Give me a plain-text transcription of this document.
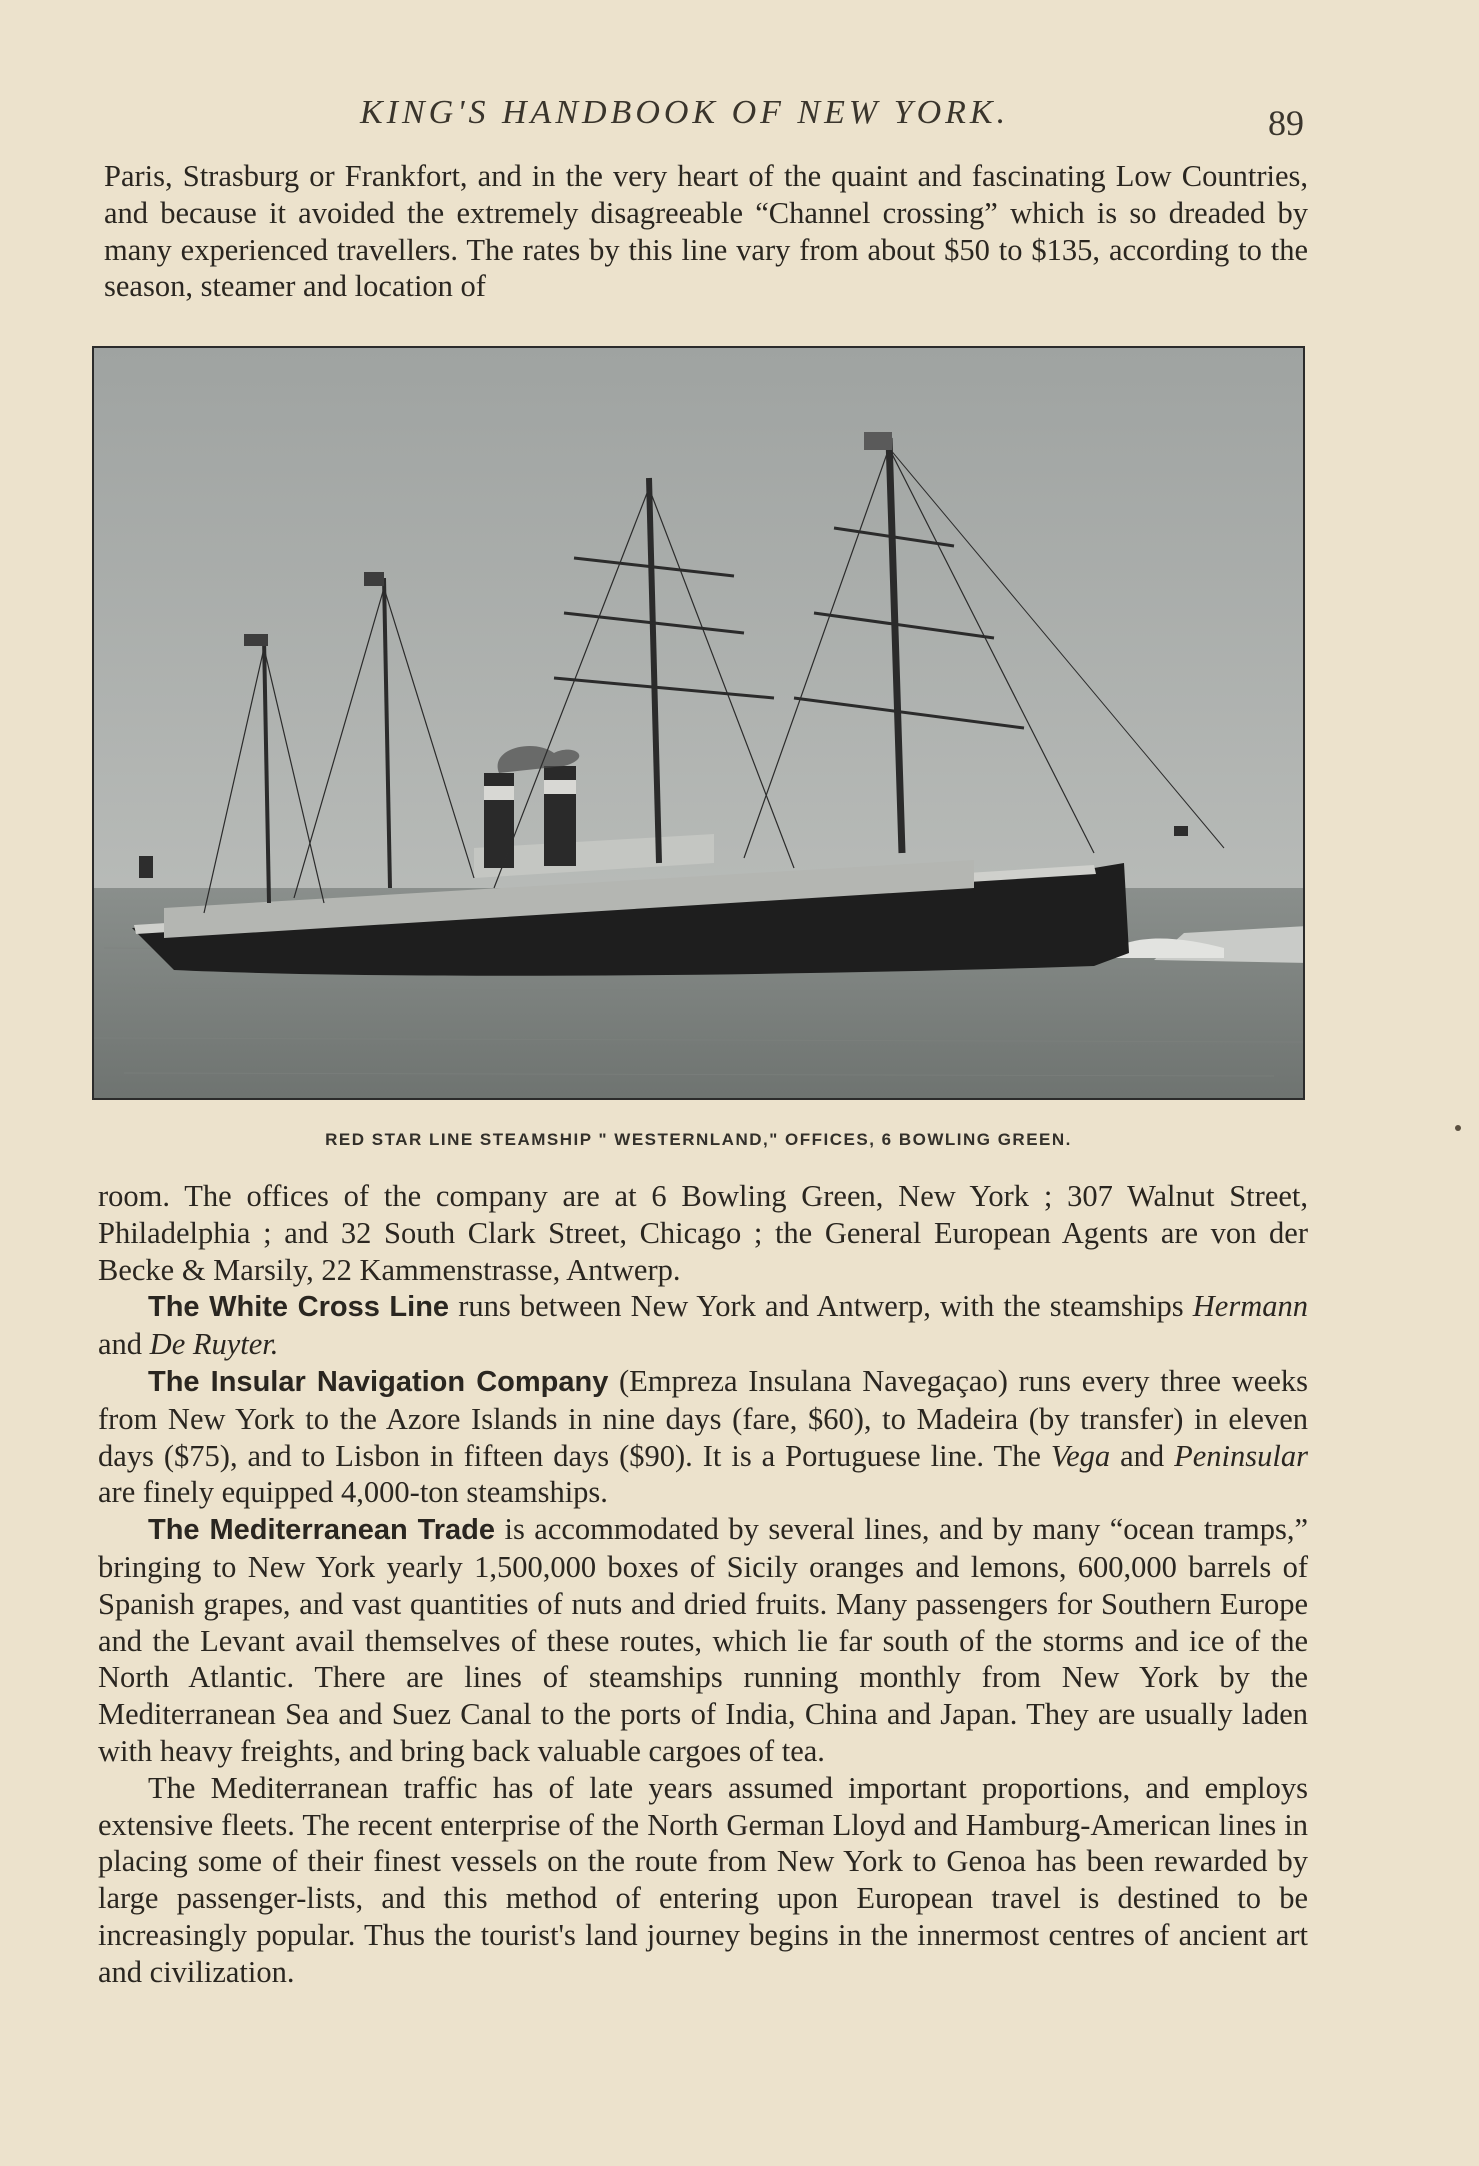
KING'S HANDBOOK OF NEW YORK.	89

Paris, Strasburg or Frankfort, and in the very heart of the quaint and fascinating Low Countries, and because it avoided the extremely disagreeable “Channel crossing” which is so dreaded by many experienced travellers. The rates by this line vary from about $50 to $135, according to the season, steamer and location of

RED STAR LINE STEAMSHIP " WESTERNLAND," OFFICES, 6 BOWLING GREEN.

room. The offices of the company are at 6 Bowling Green, New York ; 307 Walnut Street, Philadelphia ; and 32 South Clark Street, Chicago ; the General European Agents are von der Becke & Marsily, 22 Kammenstrasse, Antwerp.

The White Cross Line runs between New York and Antwerp, with the steamships Hermann and De Ruyter.

The Insular Navigation Company (Empreza Insulana Navegaçao) runs every three weeks from New York to the Azore Islands in nine days (fare, $60), to Madeira (by transfer) in eleven days ($75), and to Lisbon in fifteen days ($90). It is a Portuguese line. The Vega and Peninsular are finely equipped 4,000-ton steamships.

The Mediterranean Trade is accommodated by several lines, and by many “ocean tramps,” bringing to New York yearly 1,500,000 boxes of Sicily oranges and lemons, 600,000 barrels of Spanish grapes, and vast quantities of nuts and dried fruits. Many passengers for Southern Europe and the Levant avail themselves of these routes, which lie far south of the storms and ice of the North Atlantic. There are lines of steamships running monthly from New York by the Mediterranean Sea and Suez Canal to the ports of India, China and Japan. They are usually laden with heavy freights, and bring back valuable cargoes of tea.

The Mediterranean traffic has of late years assumed important proportions, and employs extensive fleets. The recent enterprise of the North German Lloyd and Hamburg-American lines in placing some of their finest vessels on the route from New York to Genoa has been rewarded by large passenger-lists, and this method of entering upon European travel is destined to be increasingly popular. Thus the tourist's land journey begins in the innermost centres of ancient art and civilization.
